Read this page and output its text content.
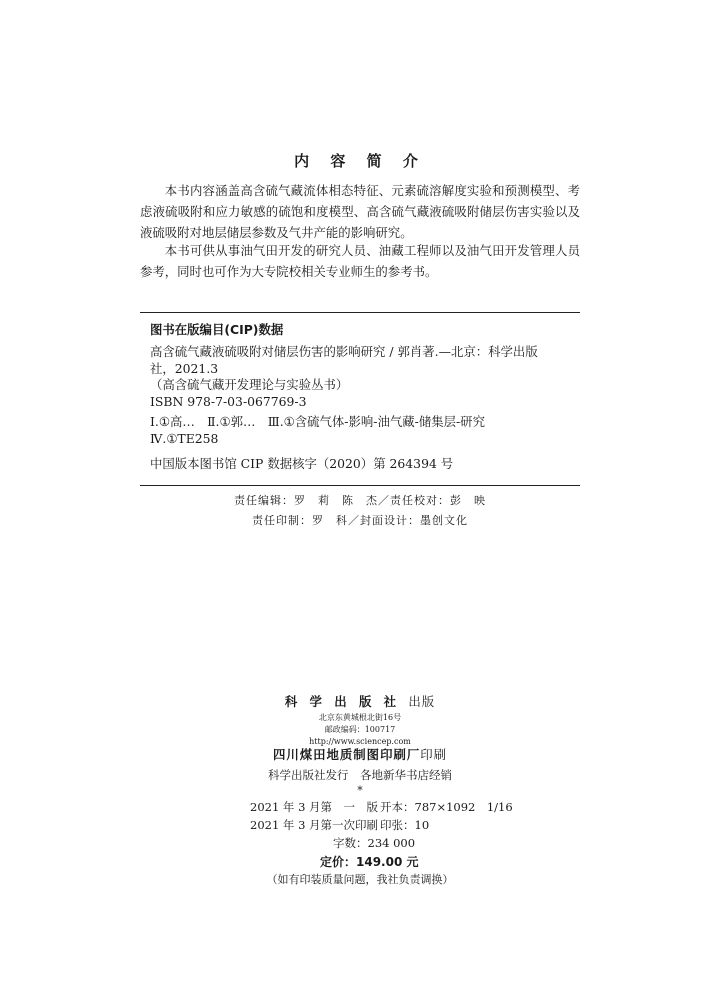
内 容 简 介

本书内容涵盖高含硫气藏流体相态特征、元素硫溶解度实验和预测模型、考虑液硫吸附和应力敏感的硫饱和度模型、高含硫气藏液硫吸附储层伤害实验以及液硫吸附对地层储层参数及气井产能的影响研究。

本书可供从事油气田开发的研究人员、油藏工程师以及油气田开发管理人员参考，同时也可作为大专院校相关专业师生的参考书。

图书在版编目(CIP)数据

高含硫气藏液硫吸附对储层伤害的影响研究 / 郭肖著.—北京：科学出版社，2021.3

（高含硫气藏开发理论与实验丛书）

ISBN 978-7-03-067769-3

Ⅰ.①高…　Ⅱ.①郭…　Ⅲ.①含硫气体-影响-油气藏-储集层-研究

Ⅳ.①TE258

中国版本图书馆 CIP 数据核字（2020）第 264394 号

责任编辑：罗　莉　陈　杰／责任校对：彭　映
责任印制：罗　科／封面设计：墨创文化
科 学 出 版 社 出版
北京东黄城根北街16号
邮政编码：100717
http://www.sciencep.com
四川煤田地质制图印刷厂印刷
科学出版社发行　各地新华书店经销
*
2021 年 3 月第　一　版 开本：787×1092　1/16
2021 年 3 月第一次印刷 印张：10
字数：234 000
定价：149.00 元
（如有印装质量问题，我社负责调换）
